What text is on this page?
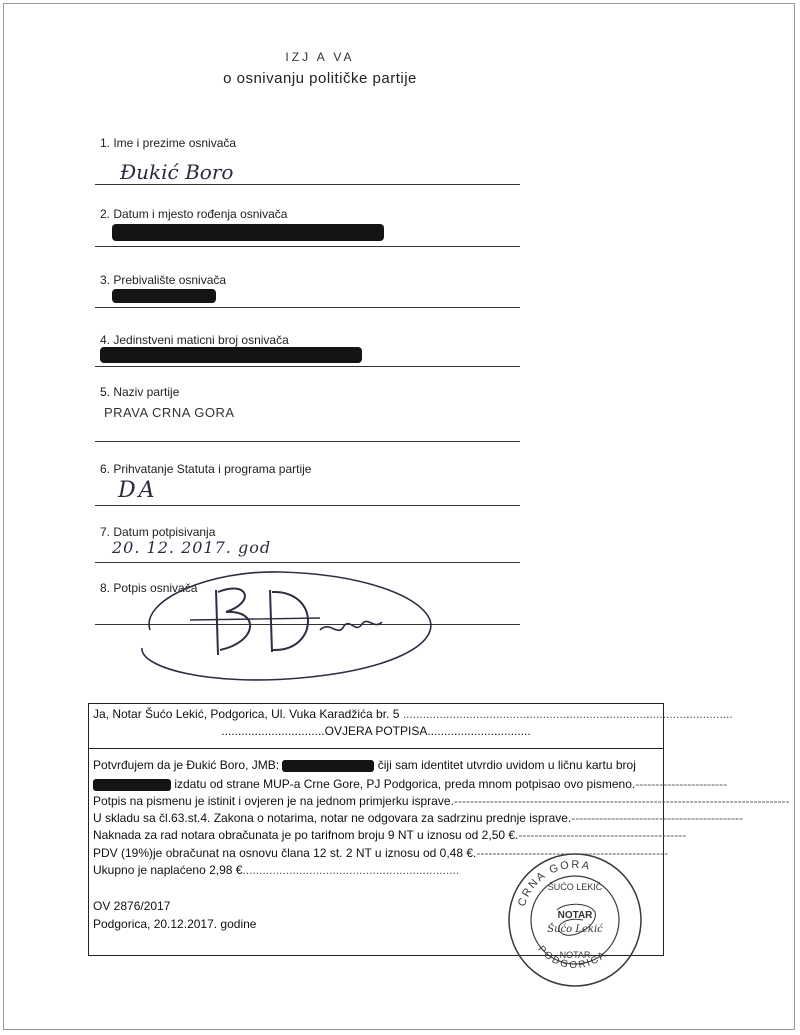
IZJ A VA
o osnivanju političke partije
1. Ime i prezime osnivača
Đukić Boro
2. Datum i mjesto rođenja osnivača
3. Prebivalište osnivača
4. Jedinstveni maticni broj osnivača
5. Naziv partije
PRAVA CRNA GORA
6. Prihvatanje Statuta i programa partije
DA
7. Datum potpisivanja
20. 12. 2017. god
8. Potpis osnivača
Ja, Notar Šućo Lekić, Podgorica, Ul. Vuka Karadžića br. 5 ...................................................................................................
...............................OVJERA POTPISA...............................
Potvrđujem da je Đukić Boro, JMB:	čiji sam identitet utvrdio uvidom u ličnu kartu broj
izdatu od strane MUP-a Crne Gore, PJ Podgorica, preda mnom potpisao ovo pismeno.-----------------------
Potpis na pismenu je istinit i ovjeren je na jednom primjerku isprave.------------------------------------------------------------------------------------
U skladu sa čl.63.st.4. Zakona o notarima, notar ne odgovara za sadrzinu prednje isprave.-------------------------------------------
Naknada za rad notara obračunata je po tarifnom broju 9 NT u iznosu od 2,50 €.------------------------------------------
PDV (19%)je obračunat na osnovu člana 12 st. 2 NT u iznosu od 0,48 €.------------------------------------------------
Ukupno je naplaćeno 2,98 €.................................................................
OV 2876/2017
Podgorica, 20.12.2017. godine
CRNA GORA
PODGORICA
ŠUĆO LEKIĆ
NOTAR
NOTAR
Šućo Lekić
